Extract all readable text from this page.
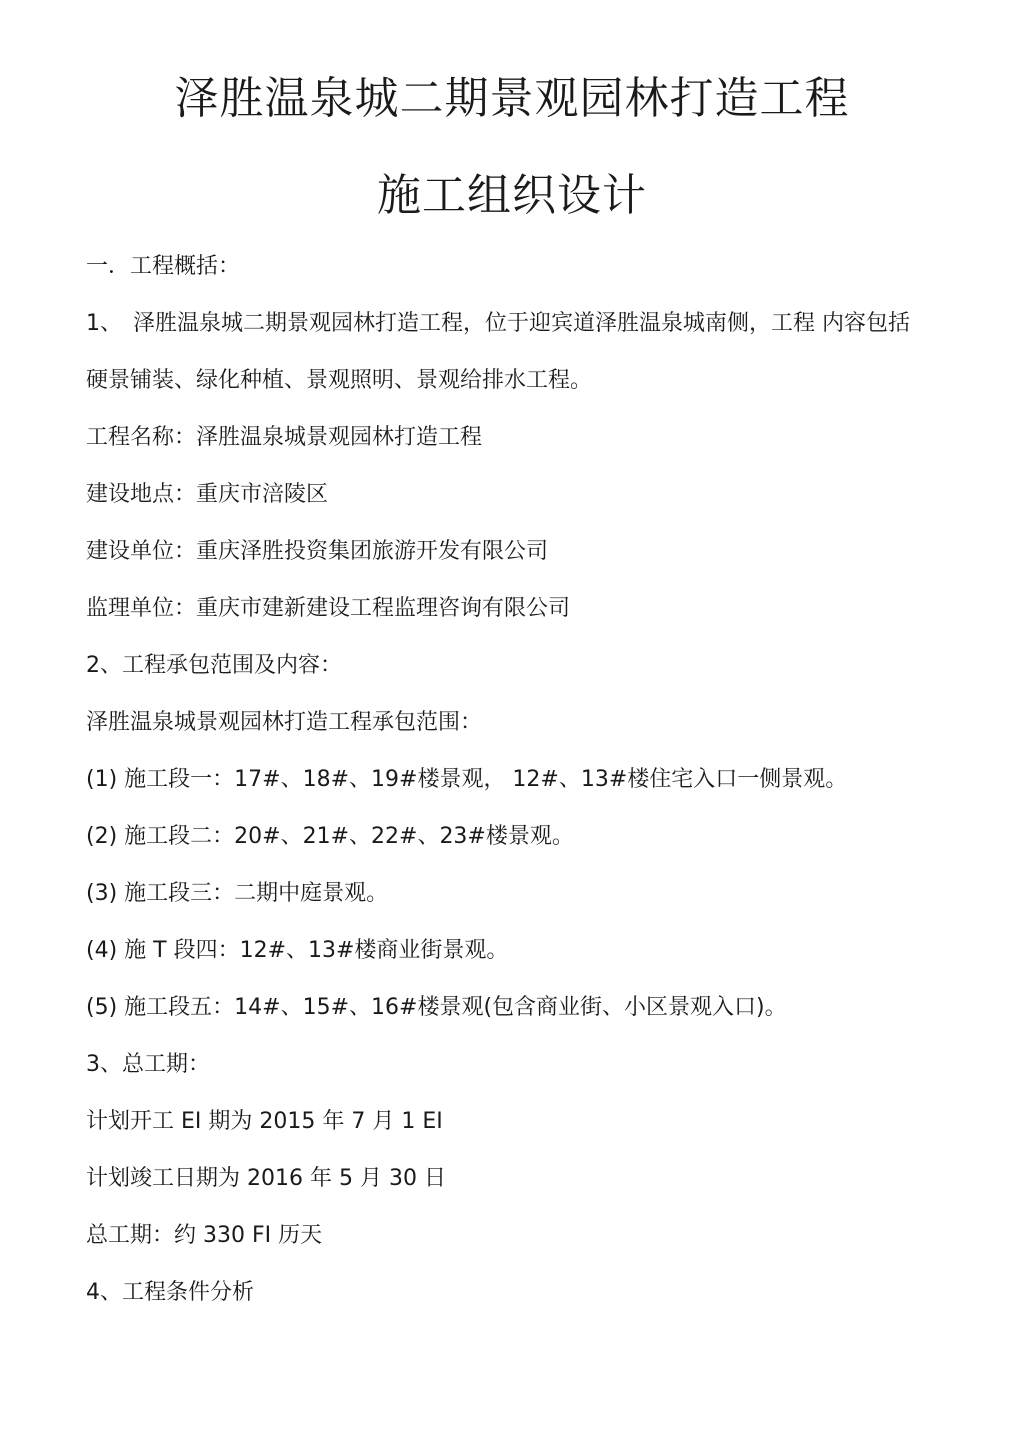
泽胜温泉城二期景观园林打造工程
施工组织设计
一．工程概括：
1、　泽胜温泉城二期景观园林打造工程，位于迎宾道泽胜温泉城南侧，工程 内容包括
硬景铺装、绿化种植、景观照明、景观给排水工程。
工程名称：泽胜温泉城景观园林打造工程
建设地点：重庆市涪陵区
建设单位：重庆泽胜投资集团旅游开发有限公司
监理单位：重庆市建新建设工程监理咨询有限公司
2、工程承包范围及内容：
泽胜温泉城景观园林打造工程承包范围：
(1) 施工段一：17#、18#、19#楼景观， 12#、13#楼住宅入口一侧景观。
(2) 施工段二：20#、21#、22#、23#楼景观。
(3) 施工段三：二期中庭景观。
(4) 施 T 段四：12#、13#楼商业街景观。
(5) 施工段五：14#、15#、16#楼景观(包含商业街、小区景观入口)。
3、总工期：
计划开工 EI 期为 2015 年 7 月 1 EI
计划竣工日期为 2016 年 5 月 30 日
总工期：约 330 FI 历天
4、工程条件分析
